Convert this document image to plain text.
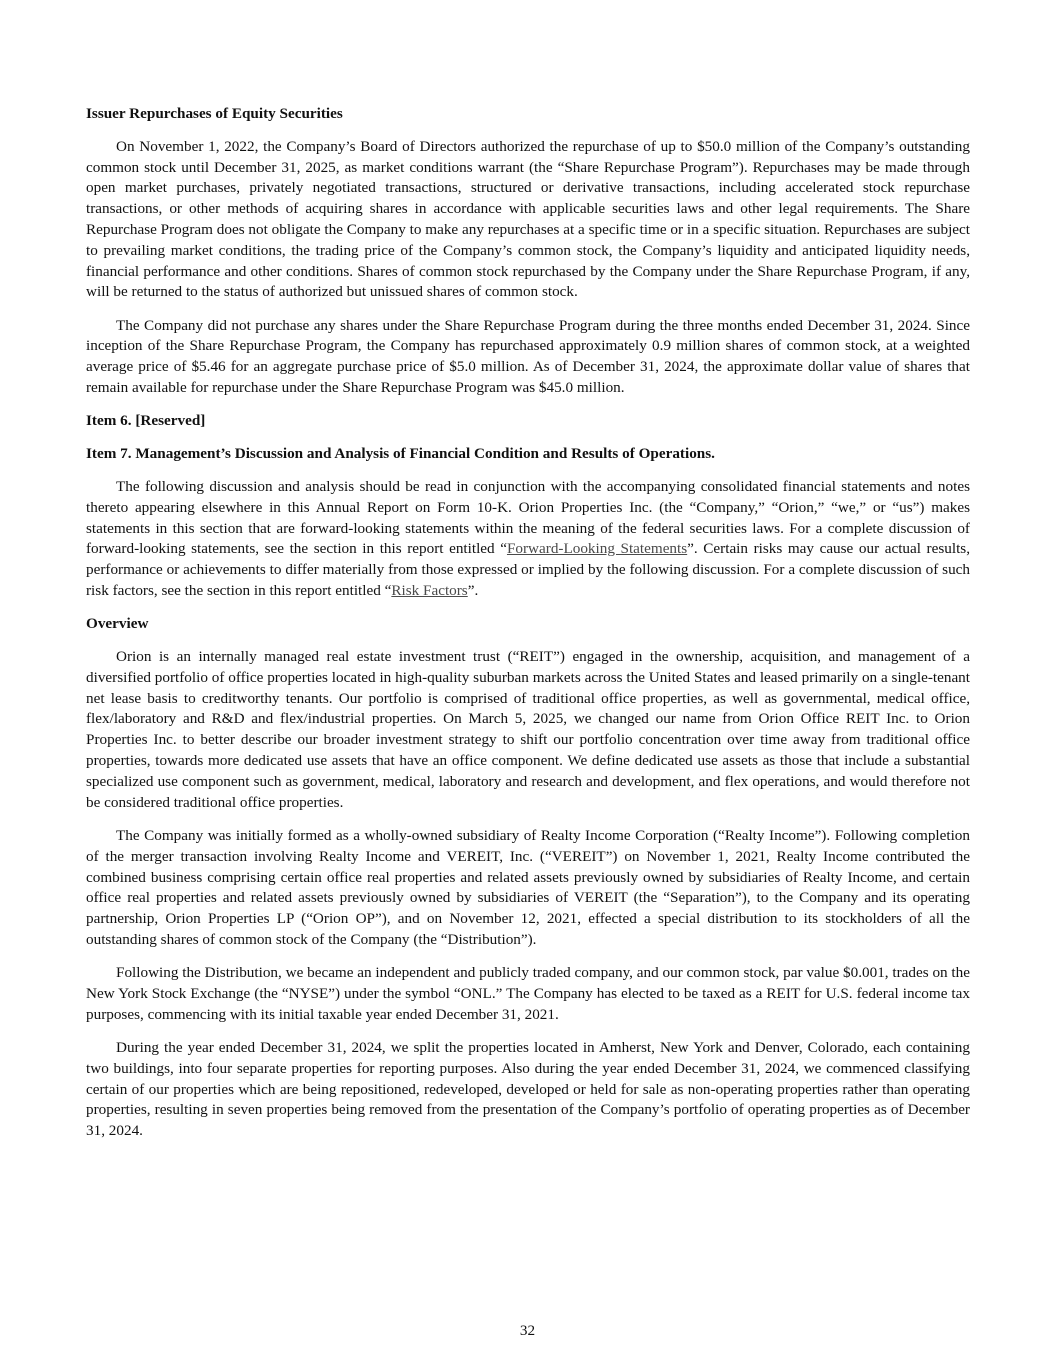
Issuer Repurchases of Equity Securities

On November 1, 2022, the Company’s Board of Directors authorized the repurchase of up to $50.0 million of the Company’s outstanding common stock until December 31, 2025, as market conditions warrant (the “Share Repurchase Program”). Repurchases may be made through open market purchases, privately negotiated transactions, structured or derivative transactions, including accelerated stock repurchase transactions, or other methods of acquiring shares in accordance with applicable securities laws and other legal requirements. The Share Repurchase Program does not obligate the Company to make any repurchases at a specific time or in a specific situation. Repurchases are subject to prevailing market conditions, the trading price of the Company’s common stock, the Company’s liquidity and anticipated liquidity needs, financial performance and other conditions. Shares of common stock repurchased by the Company under the Share Repurchase Program, if any, will be returned to the status of authorized but unissued shares of common stock.

The Company did not purchase any shares under the Share Repurchase Program during the three months ended December 31, 2024. Since inception of the Share Repurchase Program, the Company has repurchased approximately 0.9 million shares of common stock, at a weighted average price of $5.46 for an aggregate purchase price of $5.0 million. As of December 31, 2024, the approximate dollar value of shares that remain available for repurchase under the Share Repurchase Program was $45.0 million.

Item 6. [Reserved]
Item 7. Management’s Discussion and Analysis of Financial Condition and Results of Operations.

The following discussion and analysis should be read in conjunction with the accompanying consolidated financial statements and notes thereto appearing elsewhere in this Annual Report on Form 10-K. Orion Properties Inc. (the “Company,” “Orion,” “we,” or “us”) makes statements in this section that are forward-looking statements within the meaning of the federal securities laws. For a complete discussion of forward-looking statements, see the section in this report entitled “Forward-Looking Statements”. Certain risks may cause our actual results, performance or achievements to differ materially from those expressed or implied by the following discussion. For a complete discussion of such risk factors, see the section in this report entitled “Risk Factors”.

Overview

Orion is an internally managed real estate investment trust (“REIT”) engaged in the ownership, acquisition, and management of a diversified portfolio of office properties located in high-quality suburban markets across the United States and leased primarily on a single-tenant net lease basis to creditworthy tenants. Our portfolio is comprised of traditional office properties, as well as governmental, medical office, flex/laboratory and R&D and flex/industrial properties. On March 5, 2025, we changed our name from Orion Office REIT Inc. to Orion Properties Inc. to better describe our broader investment strategy to shift our portfolio concentration over time away from traditional office properties, towards more dedicated use assets that have an office component. We define dedicated use assets as those that include a substantial specialized use component such as government, medical, laboratory and research and development, and flex operations, and would therefore not be considered traditional office properties.

The Company was initially formed as a wholly-owned subsidiary of Realty Income Corporation (“Realty Income”). Following completion of the merger transaction involving Realty Income and VEREIT, Inc. (“VEREIT”) on November 1, 2021, Realty Income contributed the combined business comprising certain office real properties and related assets previously owned by subsidiaries of Realty Income, and certain office real properties and related assets previously owned by subsidiaries of VEREIT (the “Separation”), to the Company and its operating partnership, Orion Properties LP (“Orion OP”), and on November 12, 2021, effected a special distribution to its stockholders of all the outstanding shares of common stock of the Company (the “Distribution”).

Following the Distribution, we became an independent and publicly traded company, and our common stock, par value $0.001, trades on the New York Stock Exchange (the “NYSE”) under the symbol “ONL.” The Company has elected to be taxed as a REIT for U.S. federal income tax purposes, commencing with its initial taxable year ended December 31, 2021.

During the year ended December 31, 2024, we split the properties located in Amherst, New York and Denver, Colorado, each containing two buildings, into four separate properties for reporting purposes. Also during the year ended December 31, 2024, we commenced classifying certain of our properties which are being repositioned, redeveloped, developed or held for sale as non-operating properties rather than operating properties, resulting in seven properties being removed from the presentation of the Company’s portfolio of operating properties as of December 31, 2024.

32
